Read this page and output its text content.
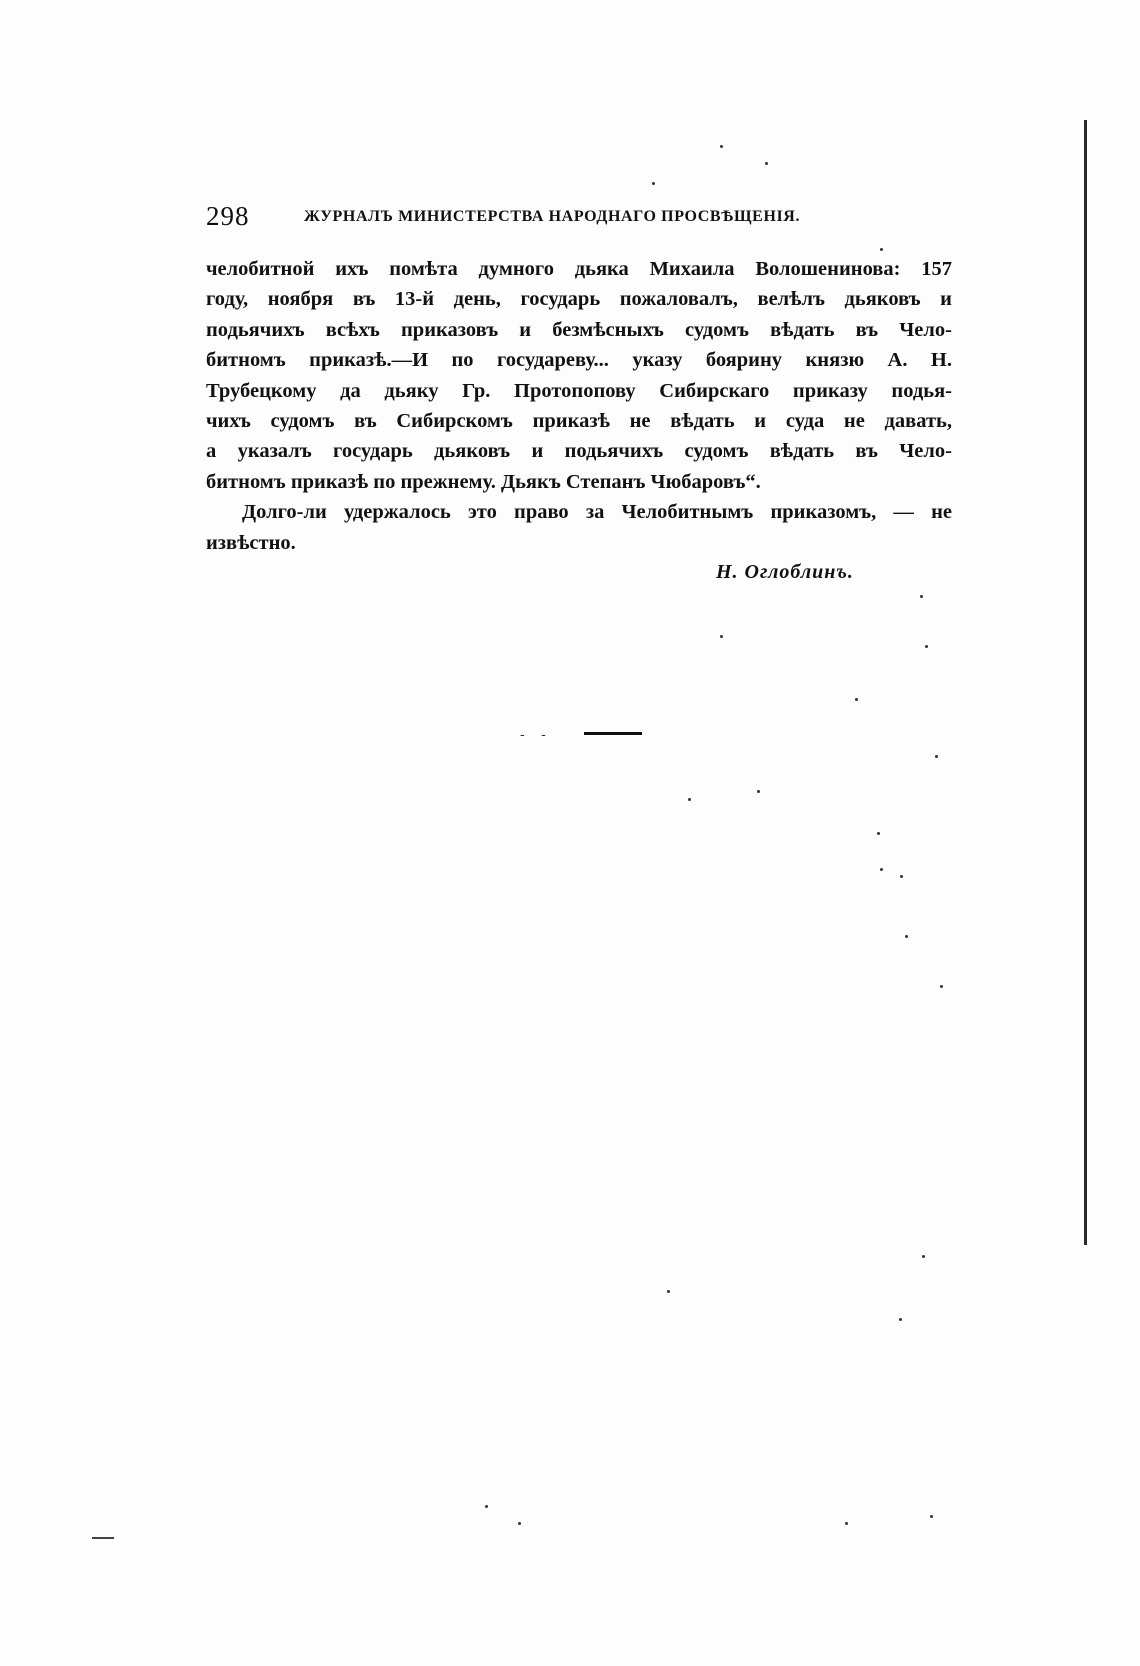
298	ЖУРНАЛЪ МИНИСТЕРСТВА НАРОДНАГО ПРОСВѢЩЕНІЯ.
челобитной ихъ помѣта думного дьяка Михаила Волошенинова: 157
году, ноября въ 13-й день, государь пожаловалъ, велѣлъ дьяковъ и
подьячихъ всѣхъ приказовъ и безмѣсныхъ судомъ вѣдать въ Чело-
битномъ приказѣ.—И по государеву... указу боярину князю А. Н.
Трубецкому да дьяку Гр. Протопопову Сибирскаго приказу подья-
чихъ судомъ въ Сибирскомъ приказѣ не вѣдать и суда не давать,
а указалъ государь дьяковъ и подьячихъ судомъ вѣдать въ Чело-
битномъ приказѣ по прежнему. Дьякъ Степанъ Чюбаровъ“.
Долго-ли удержалось это право за Челобитнымъ приказомъ, — не
извѣстно.
Н. Оглоблинъ.
- -
